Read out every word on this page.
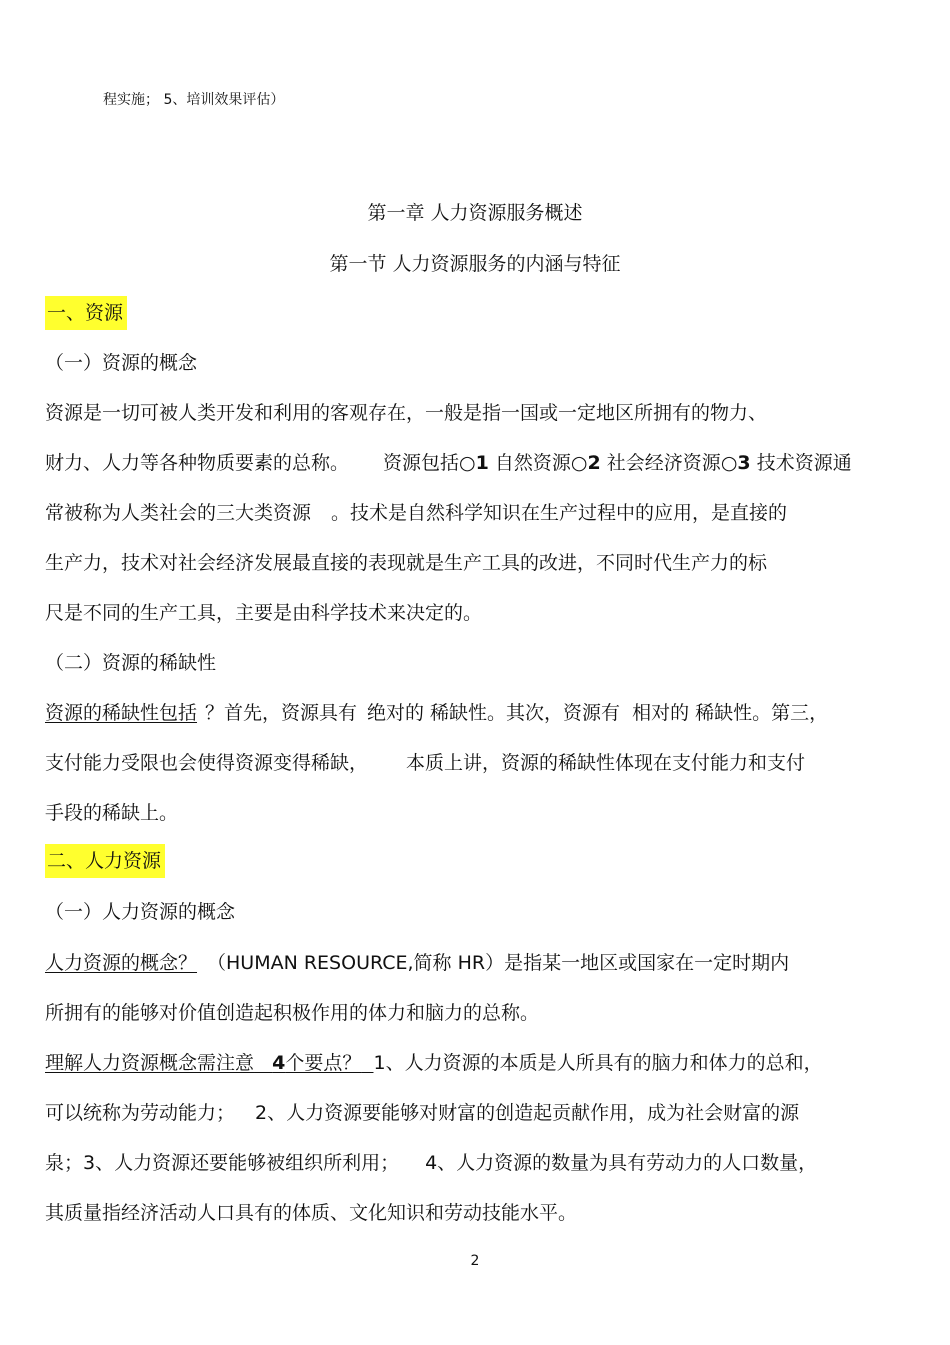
程实施； 5、培训效果评估）
第一章 人力资源服务概述
第一节 人力资源服务的内涵与特征
一、资源
（一）资源的概念
资源是一切可被人类开发和利用的客观存在，一般是指一国或一定地区所拥有的物力、
财力、人力等各种物质要素的总称。 资源包括○1 自然资源○2 社会经济资源○3 技术资源通
常被称为人类社会的三大类资源 。技术是自然科学知识在生产过程中的应用，是直接的
生产力，技术对社会经济发展最直接的表现就是生产工具的改进，不同时代生产力的标
尺是不同的生产工具，主要是由科学技术来决定的。
（二）资源的稀缺性
资源的稀缺性包括 ？首先，资源具有 绝对的 稀缺性。其次，资源有 相对的 稀缺性。第三，
支付能力受限也会使得资源变得稀缺， 本质上讲，资源的稀缺性体现在支付能力和支付
手段的稀缺上。
二、人力资源
（一）人力资源的概念
人力资源的概念？ （HUMAN RESOURCE,简称 HR）是指某一地区或国家在一定时期内
所拥有的能够对价值创造起积极作用的体力和脑力的总称。
理解人力资源概念需注意 4个要点？ 1、人力资源的本质是人所具有的脑力和体力的总和，
可以统称为劳动能力； 2、人力资源要能够对财富的创造起贡献作用，成为社会财富的源
泉；3、人力资源还要能够被组织所利用； 4、人力资源的数量为具有劳动力的人口数量，
其质量指经济活动人口具有的体质、文化知识和劳动技能水平。
2
